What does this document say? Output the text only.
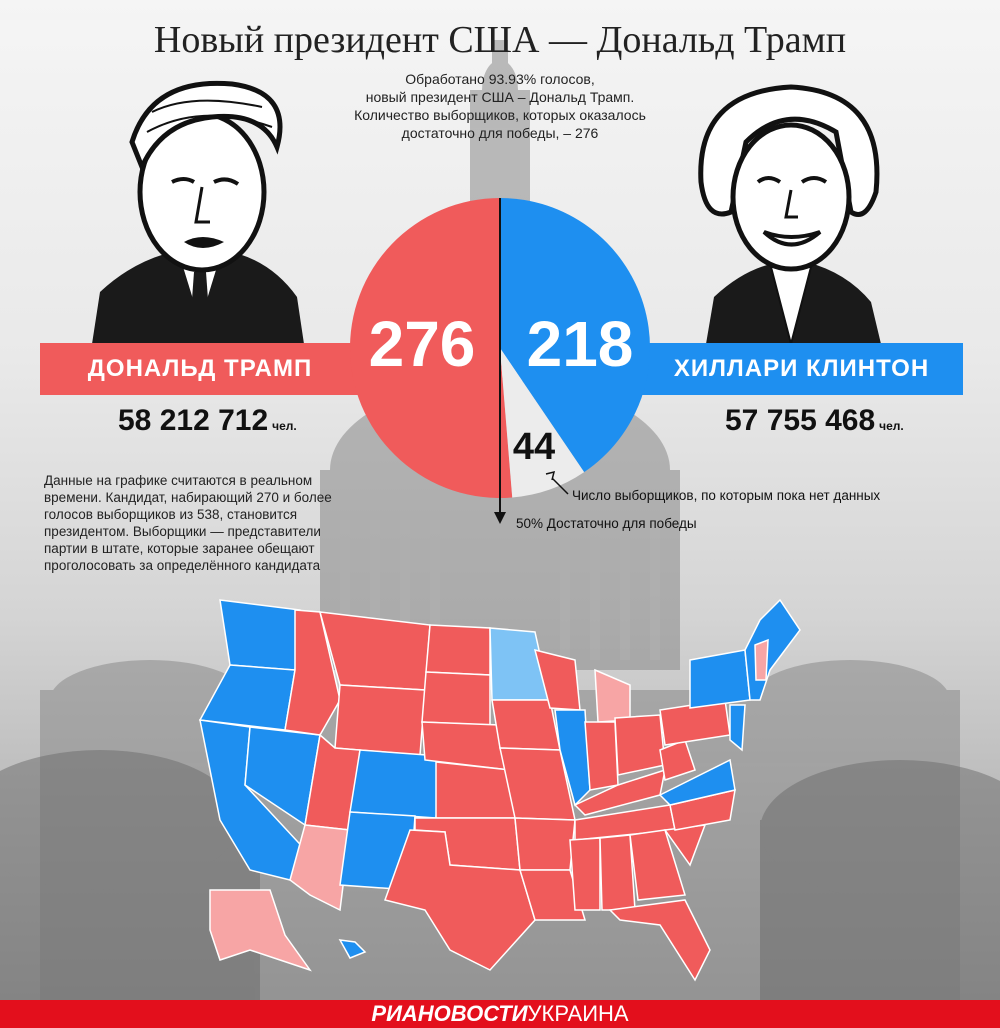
Новый президент США — Дональд Трамп
Обработано 93.93% голосов,
новый президент США – Дональд Трамп.
Количество выборщиков, которых оказалось
достаточно для победы, – 276
ДОНАЛЬД ТРАМП	ХИЛЛАРИ КЛИНТОН
58 212 712 чел.	57 755 468 чел.
276 218
44
Число выборщиков, по которым пока нет данных
50% Достаточно для победы
Данные на графике считаются в реальном
времени. Кандидат, набирающий 270 и более
голосов выборщиков из 538, становится
президентом. Выборщики — представители
партии в штате, которые заранее обещают
проголосовать за определённого кандидата
РИАНОВОСТИ УКРАИНА
